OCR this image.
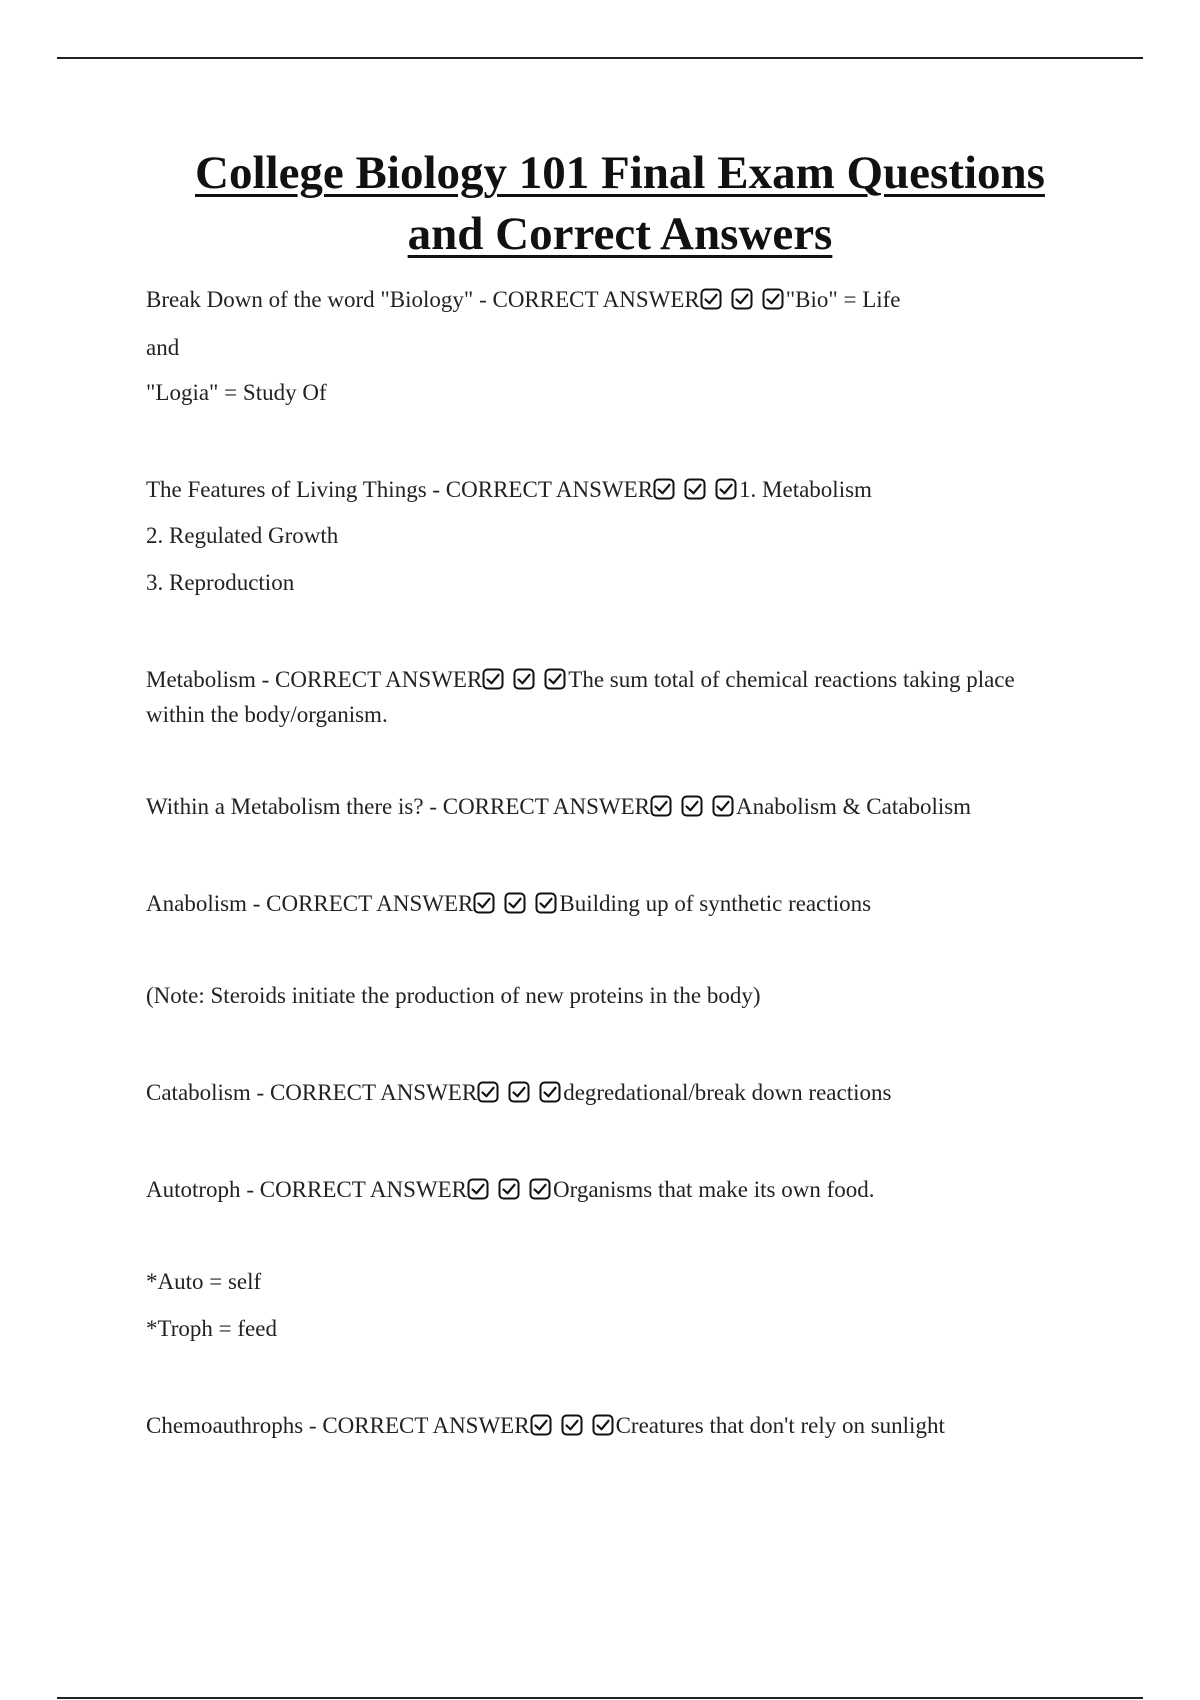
College Biology 101 Final Exam Questions
and Correct Answers
Break Down of the word "Biology" - CORRECT ANSWER	"Bio" = Life
and
"Logia" = Study Of
The Features of Living Things - CORRECT ANSWER	1. Metabolism
2. Regulated Growth
3. Reproduction
Metabolism - CORRECT ANSWER	The sum total of chemical reactions taking place within the body/organism.
Within a Metabolism there is? - CORRECT ANSWER	Anabolism & Catabolism
Anabolism - CORRECT ANSWER	Building up of synthetic reactions
(Note: Steroids initiate the production of new proteins in the body)
Catabolism - CORRECT ANSWER	degredational/break down reactions
Autotroph - CORRECT ANSWER	Organisms that make its own food.
*Auto = self
*Troph = feed
Chemoauthrophs - CORRECT ANSWER	Creatures that don't rely on sunlight
